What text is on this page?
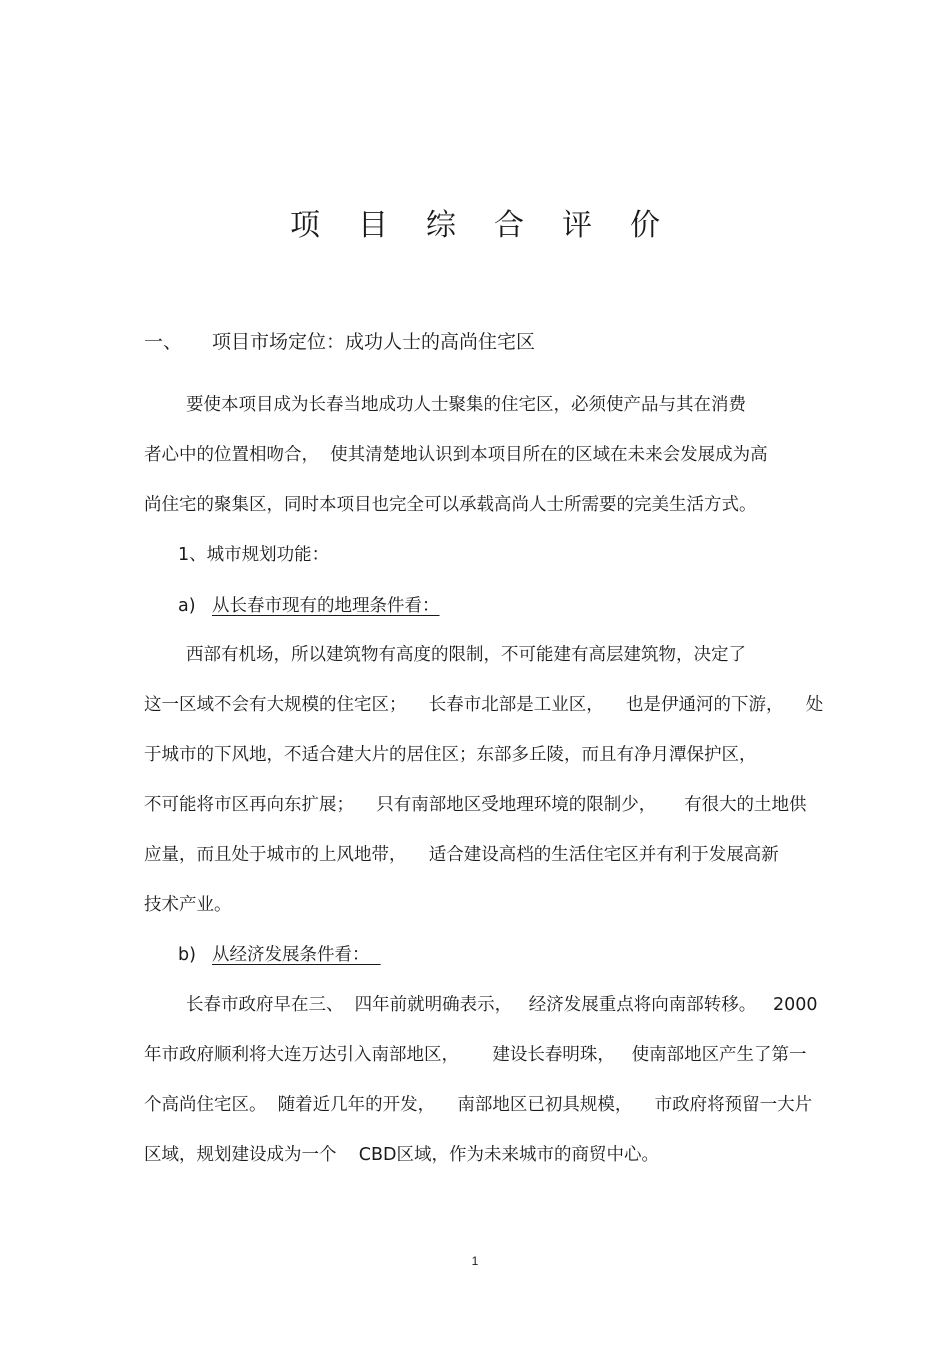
项目综合评价
一、 项目市场定位：成功人士的高尚住宅区
要使本项目成为长春当地成功人士聚集的住宅区，必须使产品与其在消费
者心中的位置相吻合，  使其清楚地认识到本项目所在的区域在未来会发展成为高
尚住宅的聚集区，同时本项目也完全可以承载高尚人士所需要的完美生活方式。
1、城市规划功能：
a) 从长春市现有的地理条件看：
西部有机场，所以建筑物有高度的限制，不可能建有高层建筑物，决定了
这一区域不会有大规模的住宅区；    长春市北部是工业区，    也是伊通河的下游，    处
于城市的下风地，不适合建大片的居住区；东部多丘陵，而且有净月潭保护区，
不可能将市区再向东扩展；    只有南部地区受地理环境的限制少，     有很大的土地供
应量，而且处于城市的上风地带，    适合建设高档的生活住宅区并有利于发展高新
技术产业。
b) 从经济发展条件看：
长春市政府早在三、  四年前就明确表示，   经济发展重点将向南部转移。   2000
年市政府顺利将大连万达引入南部地区，      建设长春明珠，   使南部地区产生了第一
个高尚住宅区。  随着近几年的开发，    南部地区已初具规模，    市政府将预留一大片
区域，规划建设成为一个    CBD区域，作为未来城市的商贸中心。
1
